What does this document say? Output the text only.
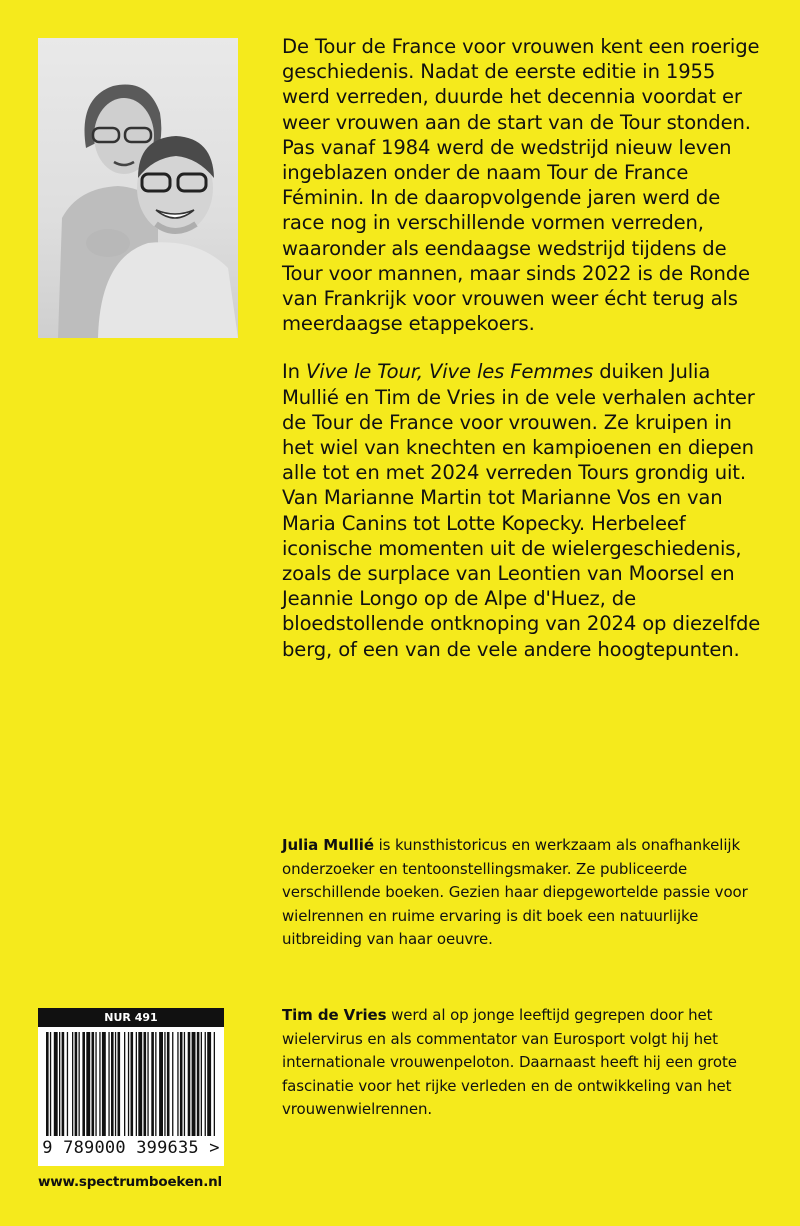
De Tour de France voor vrouwen kent een roerige geschiedenis. Nadat de eerste editie in 1955 werd verreden, duurde het decennia voordat er weer vrouwen aan de start van de Tour stonden. Pas vanaf 1984 werd de wedstrijd nieuw leven ingeblazen onder de naam Tour de France Féminin. In de daaropvolgende jaren werd de race nog in verschillende vormen verreden, waaronder als eendaagse wedstrijd tijdens de Tour voor mannen, maar sinds 2022 is de Ronde van Frankrijk voor vrouwen weer écht terug als meerdaagse etappekoers.

In Vive le Tour, Vive les Femmes duiken Julia Mullié en Tim de Vries in de vele verhalen achter de Tour de France voor vrouwen. Ze kruipen in het wiel van knechten en kampioenen en diepen alle tot en met 2024 verreden Tours grondig uit. Van Marianne Martin tot Marianne Vos en van Maria Canins tot Lotte Kopecky. Herbeleef iconische momenten uit de wielergeschiedenis, zoals de surplace van Leontien van Moorsel en Jeannie Longo op de Alpe d'Huez, de bloedstollende ontknoping van 2024 op diezelfde berg, of een van de vele andere hoogtepunten.

Julia Mullié is kunsthistoricus en werkzaam als onafhankelijk onderzoeker en tentoonstellingsmaker. Ze publiceerde verschillende boeken. Gezien haar diepgewortelde passie voor wielrennen en ruime ervaring is dit boek een natuurlijke uitbreiding van haar oeuvre.
Tim de Vries werd al op jonge leeftijd gegrepen door het wielervirus en als commentator van Eurosport volgt hij het internationale vrouwenpeloton. Daarnaast heeft hij een grote fascinatie voor het rijke verleden en de ontwikkeling van het vrouwenwielrennen.
NUR 491
9 789000 399635 >
www.spectrumboeken.nl
